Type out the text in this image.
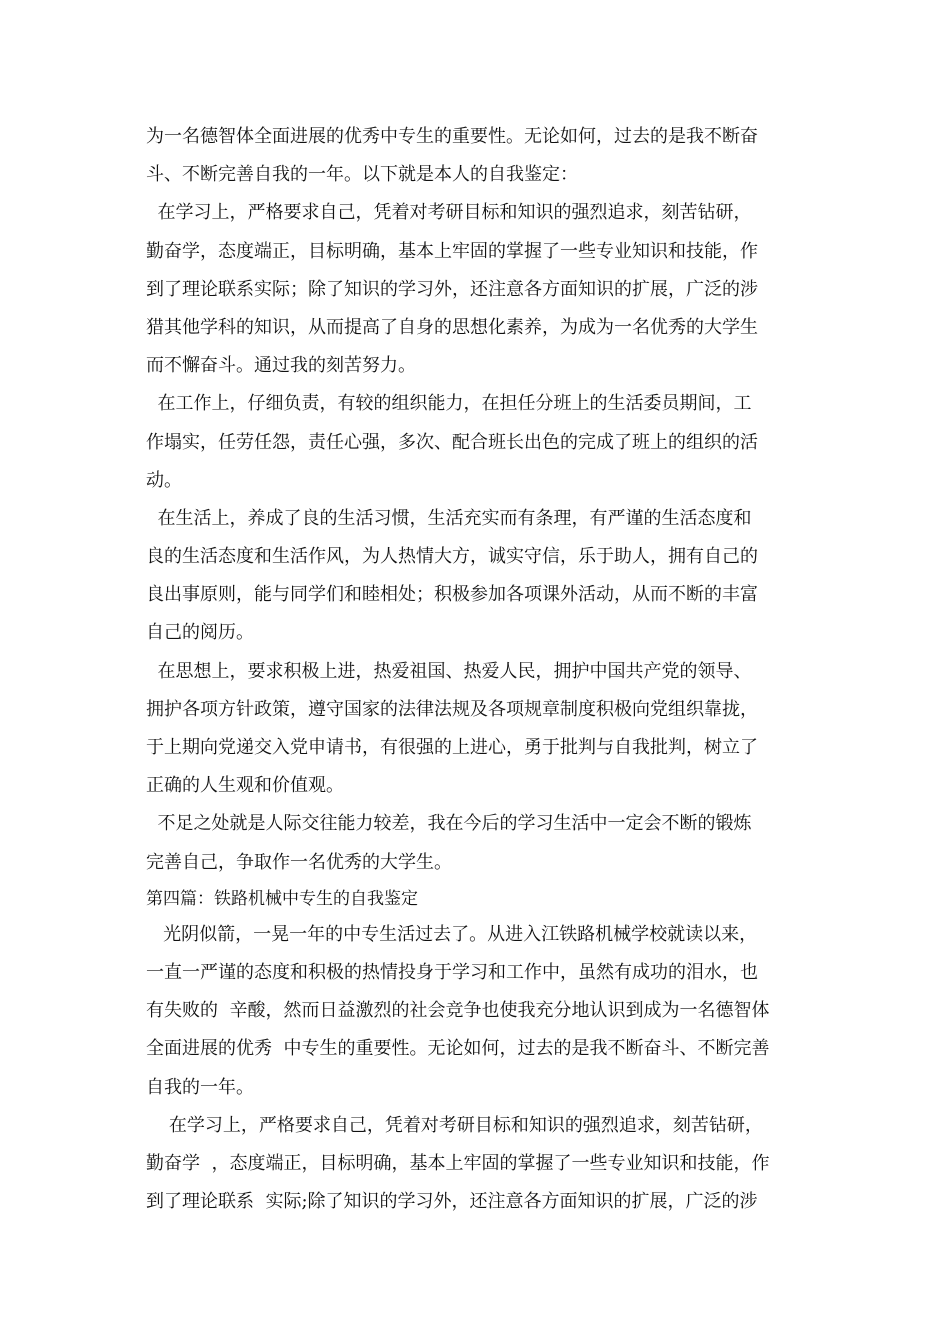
为一名德智体全面进展的优秀中专生的重要性。无论如何，过去的是我不断奋
斗、不断完善自我的一年。以下就是本人的自我鉴定：
在学习上，严格要求自己，凭着对考研目标和知识的强烈追求，刻苦钻研，
勤奋学，态度端正，目标明确，基本上牢固的掌握了一些专业知识和技能，作
到了理论联系实际；除了知识的学习外，还注意各方面知识的扩展，广泛的涉
猎其他学科的知识，从而提高了自身的思想化素养，为成为一名优秀的大学生
而不懈奋斗。通过我的刻苦努力。
在工作上，仔细负责，有较的组织能力，在担任分班上的生活委员期间，工
作塌实，任劳任怨，责任心强，多次、配合班长出色的完成了班上的组织的活
动。
在生活上，养成了良的生活习惯，生活充实而有条理，有严谨的生活态度和
良的生活态度和生活作风，为人热情大方，诚实守信，乐于助人，拥有自己的
良出事原则，能与同学们和睦相处；积极参加各项课外活动，从而不断的丰富
自己的阅历。
在思想上，要求积极上进，热爱祖国、热爱人民，拥护中国共产党的领导、
拥护各项方针政策，遵守国家的法律法规及各项规章制度积极向党组织靠拢，
于上期向党递交入党申请书，有很强的上进心，勇于批判与自我批判，树立了
正确的人生观和价值观。
不足之处就是人际交往能力较差，我在今后的学习生活中一定会不断的锻炼
完善自己，争取作一名优秀的大学生。
第四篇：铁路机械中专生的自我鉴定
光阴似箭，一晃一年的中专生活过去了。从进入江铁路机械学校就读以来，
一直一严谨的态度和积极的热情投身于学习和工作中，虽然有成功的泪水，也
有失败的  辛酸，然而日益激烈的社会竞争也使我充分地认识到成为一名德智体
全面进展的优秀  中专生的重要性。无论如何，过去的是我不断奋斗、不断完善
自我的一年。
在学习上，严格要求自己，凭着对考研目标和知识的强烈追求，刻苦钻研，
勤奋学  ，态度端正，目标明确，基本上牢固的掌握了一些专业知识和技能，作
到了理论联系  实际;除了知识的学习外，还注意各方面知识的扩展，广泛的涉
